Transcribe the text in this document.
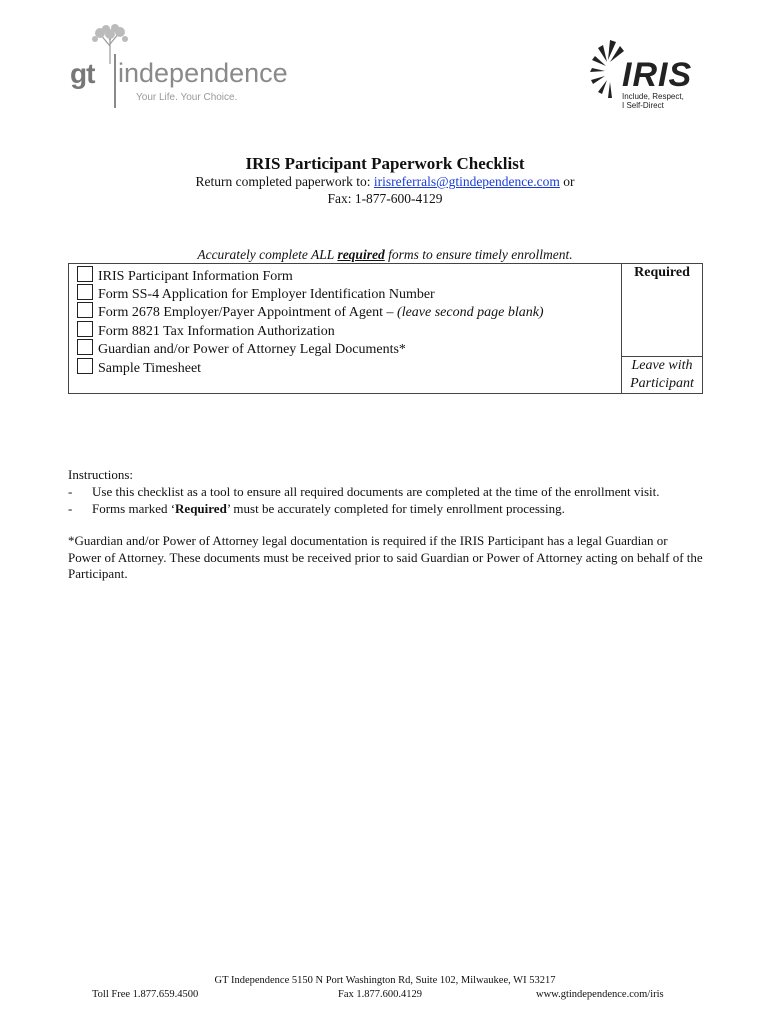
gt independence
Your Life. Your Choice.
IRIS
Include, Respect,
I Self-Direct
IRIS Participant Paperwork Checklist
Return completed paperwork to: irisreferrals@gtindependence.com or
Fax: 1-877-600-4129
Accurately complete ALL required forms to ensure timely enrollment.
IRIS Participant Information Form
Form SS-4 Application for Employer Identification Number
Form 2678 Employer/Payer Appointment of Agent – (leave second page blank)
Form 8821 Tax Information Authorization
Guardian and/or Power of Attorney Legal Documents*
Sample Timesheet
Required
Leave with
Participant
Instructions:
- Use this checklist as a tool to ensure all required documents are completed at the time of the enrollment visit.
- Forms marked ‘Required’ must be accurately completed for timely enrollment processing.
*Guardian and/or Power of Attorney legal documentation is required if the IRIS Participant has a legal Guardian or Power of Attorney. These documents must be received prior to said Guardian or Power of Attorney acting on behalf of the Participant.
GT Independence 5150 N Port Washington Rd, Suite 102, Milwaukee, WI 53217
Toll Free 1.877.659.4500	Fax 1.877.600.4129	www.gtindependence.com/iris
